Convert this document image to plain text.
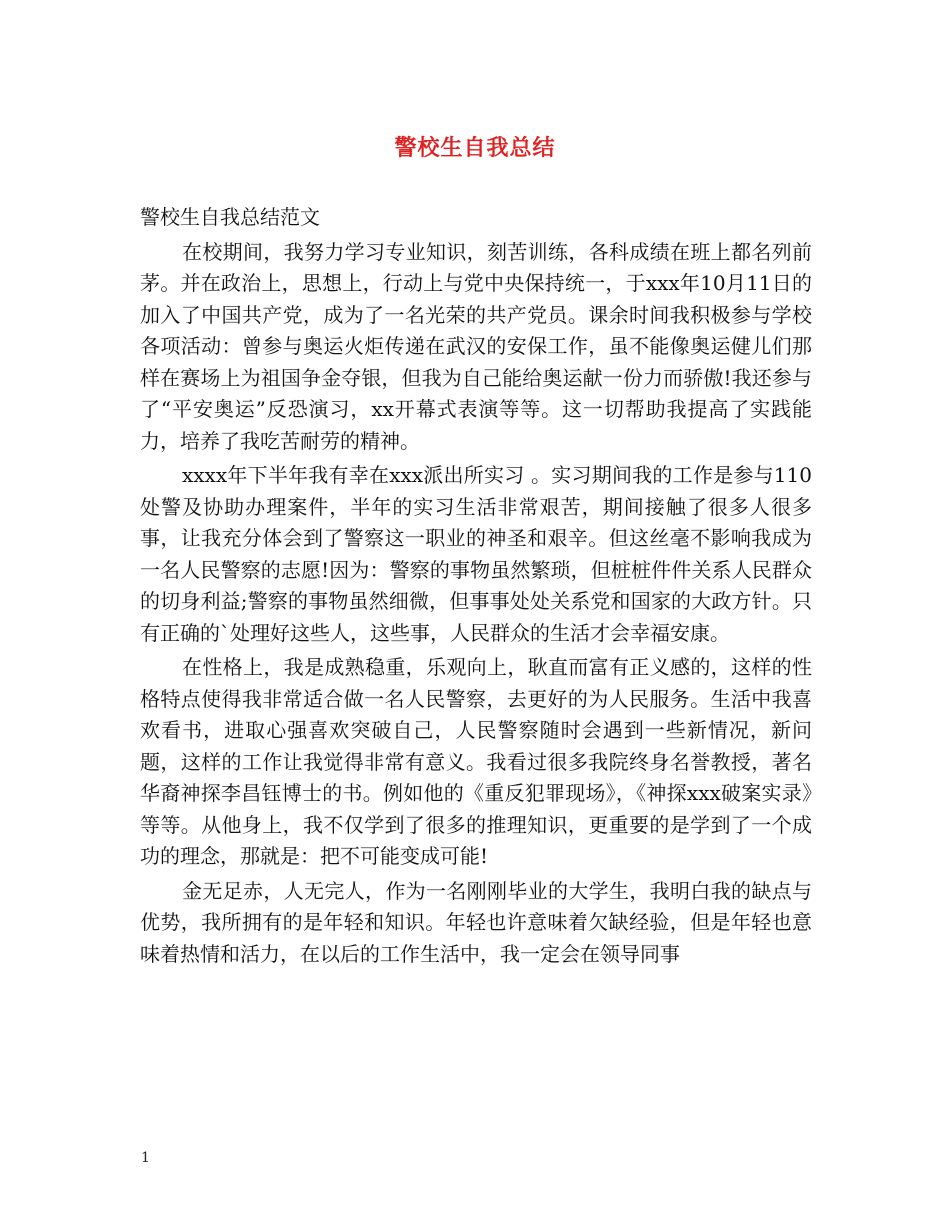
警校生自我总结

警校生自我总结范文

在校期间，我努力学习专业知识，刻苦训练，各科成绩在班上都名列前茅。并在政治上，思想上，行动上与党中央保持统一，于xxx年10月11日的加入了中国共产党，成为了一名光荣的共产党员。课余时间我积极参与学校各项活动：曾参与奥运火炬传递在武汉的安保工作，虽不能像奥运健儿们那样在赛场上为祖国争金夺银，但我为自己能给奥运献一份力而骄傲!我还参与了“平安奥运”反恐演习，xx开幕式表演等等。这一切帮助我提高了实践能力，培养了我吃苦耐劳的精神。

xxxx年下半年我有幸在xxx派出所实习 。实习期间我的工作是参与110处警及协助办理案件，半年的实习生活非常艰苦，期间接触了很多人很多事，让我充分体会到了警察这一职业的神圣和艰辛。但这丝毫不影响我成为一名人民警察的志愿!因为：警察的事物虽然繁琐，但桩桩件件关系人民群众的切身利益;警察的事物虽然细微，但事事处处关系党和国家的大政方针。只有正确的`处理好这些人，这些事，人民群众的生活才会幸福安康。

在性格上，我是成熟稳重，乐观向上，耿直而富有正义感的，这样的性格特点使得我非常适合做一名人民警察，去更好的为人民服务。生活中我喜欢看书，进取心强喜欢突破自己，人民警察随时会遇到一些新情况，新问题，这样的工作让我觉得非常有意义。我看过很多我院终身名誉教授，著名华裔神探李昌钰博士的书。例如他的《重反犯罪现场》，《神探xxx破案实录》等等。从他身上，我不仅学到了很多的推理知识，更重要的是学到了一个成功的理念，那就是：把不可能变成可能!

金无足赤，人无完人，作为一名刚刚毕业的大学生，我明白我的缺点与优势，我所拥有的是年轻和知识。年轻也许意味着欠缺经验，但是年轻也意味着热情和活力，在以后的工作生活中，我一定会在领导同事

1
